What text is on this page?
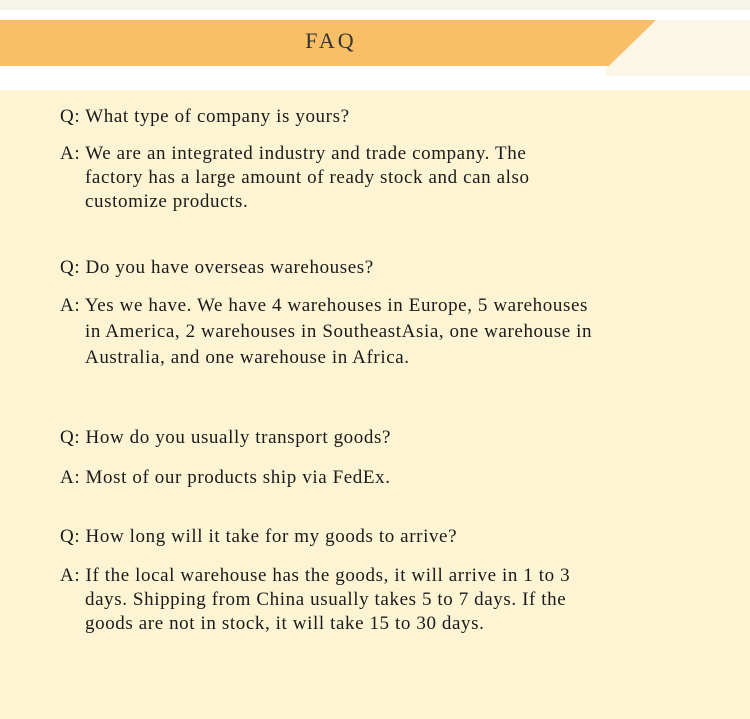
FAQ

Q: What type of company is yours?

A: We are an integrated industry and trade company. The factory has a large amount of ready stock and can also customize products.

Q: Do you have overseas warehouses?

A: Yes we have. We have 4 warehouses in Europe, 5 warehouses in America, 2 warehouses in SoutheastAsia, one warehouse in Australia, and one warehouse in Africa.

Q: How do you usually transport goods?

A: Most of our products ship via FedEx.

Q: How long will it take for my goods to arrive?

A: If the local warehouse has the goods, it will arrive in 1 to 3 days. Shipping from China usually takes 5 to 7 days. If the goods are not in stock, it will take 15 to 30 days.
